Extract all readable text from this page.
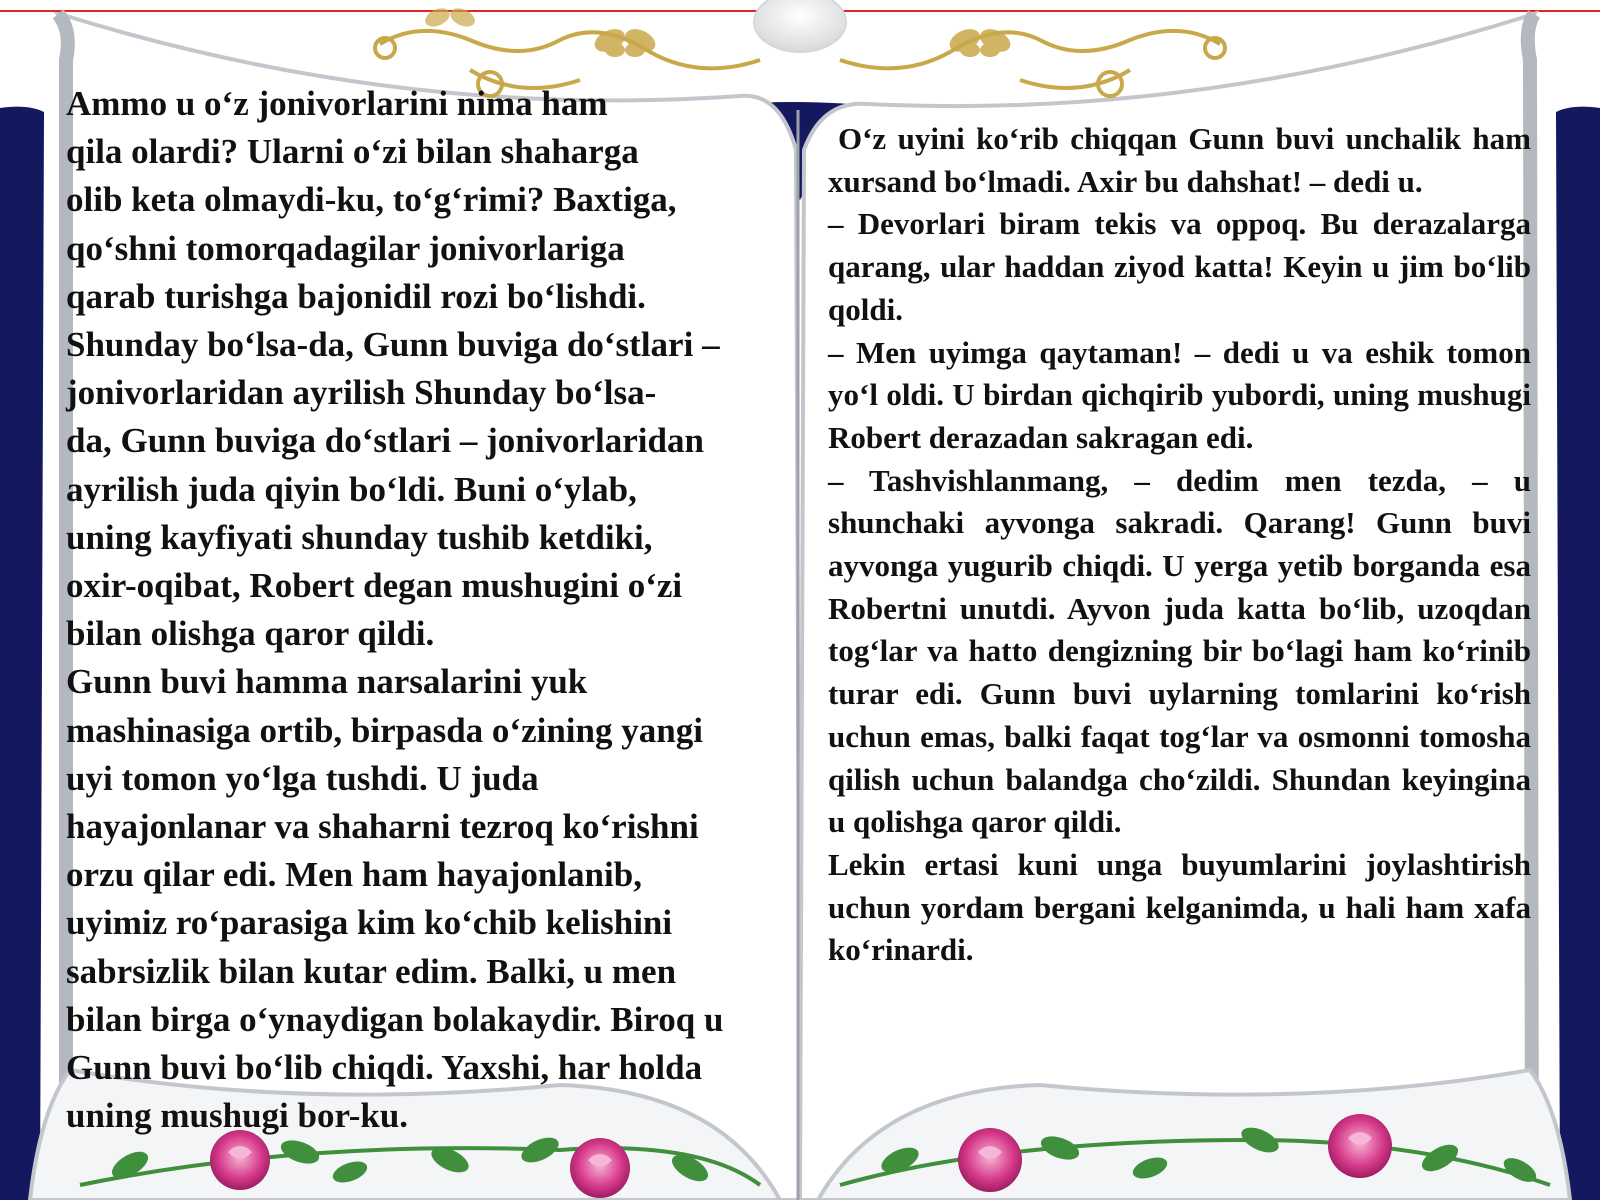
Ammo u o‘z jonivorlarini nima ham

qila olardi? Ularni o‘zi bilan shaharga

olib keta olmaydi-ku, to‘g‘rimi? Baxtiga,

qo‘shni tomorqadagilar jonivorlariga

qarab turishga bajonidil rozi bo‘lishdi.

Shunday bo‘lsa-da, Gunn buviga do‘stlari –

jonivorlaridan ayrilish Shunday bo‘lsa-

da, Gunn buviga do‘stlari – jonivorlaridan

ayrilish juda qiyin bo‘ldi. Buni o‘ylab,

uning kayfiyati shunday tushib ketdiki,

oxir-oqibat, Robert degan mushugini o‘zi

bilan olishga qaror qildi.

Gunn buvi hamma narsalarini yuk

mashinasiga ortib, birpasda o‘zining yangi

uyi tomon yo‘lga tushdi. U juda

hayajonlanar va shaharni tezroq ko‘rishni

orzu qilar edi. Men ham hayajonlanib,

uyimiz ro‘parasiga kim ko‘chib kelishini

sabrsizlik bilan kutar edim. Balki, u men

bilan birga o‘ynaydigan bolakaydir. Biroq u

Gunn buvi bo‘lib chiqdi. Yaxshi, har holda

uning mushugi bor-ku.

O‘z uyini ko‘rib chiqqan Gunn buvi unchalik ham xursand bo‘lmadi. Axir bu dahshat! – dedi u.

– Devorlari biram tekis va oppoq. Bu derazalarga qarang, ular haddan ziyod katta! Keyin u jim bo‘lib qoldi.

– Men uyimga qaytaman! – dedi u va eshik tomon yo‘l oldi. U birdan qichqirib yubordi, uning mushugi Robert derazadan sakragan edi.

– Tashvishlanmang, – dedim men tezda, – u shunchaki ayvonga sakradi. Qarang! Gunn buvi ayvonga yugurib chiqdi. U yerga yetib borganda esa Robertni unutdi. Ayvon juda katta bo‘lib, uzoqdan tog‘lar va hatto dengizning bir bo‘lagi ham ko‘rinib turar edi. Gunn buvi uylarning tomlarini ko‘rish uchun emas, balki faqat tog‘lar va osmonni tomosha qilish uchun balandga cho‘zildi. Shundan keyingina u qolishga qaror qildi.

Lekin ertasi kuni unga buyumlarini joylashtirish uchun yordam bergani kelganimda, u hali ham xafa ko‘rinardi.
